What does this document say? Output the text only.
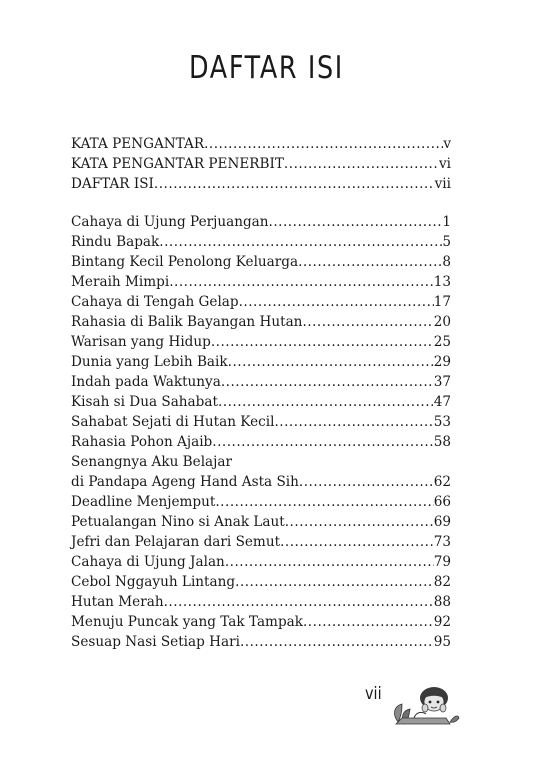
DAFTAR ISI
KATA PENGANTAR .....	v
KATA PENGANTAR PENERBIT .....	vi
DAFTAR ISI .....	vii
Cahaya di Ujung Perjuangan .....	1
Rindu Bapak .....	5
Bintang Kecil Penolong Keluarga .....	8
Meraih Mimpi .....	13
Cahaya di Tengah Gelap .....	17
Rahasia di Balik Bayangan Hutan .....	20
Warisan yang Hidup .....	25
Dunia yang Lebih Baik .....	29
Indah pada Waktunya .....	37
Kisah si Dua Sahabat .....	47
Sahabat Sejati di Hutan Kecil .....	53
Rahasia Pohon Ajaib .....	58
Senangnya Aku Belajar
di Pandapa Ageng Hand Asta Sih .....	62
Deadline Menjemput .....	66
Petualangan Nino si Anak Laut .....	69
Jefri dan Pelajaran dari Semut .....	73
Cahaya di Ujung Jalan .....	79
Cebol Nggayuh Lintang .....	82
Hutan Merah .....	88
Menuju Puncak yang Tak Tampak .....	92
Sesuap Nasi Setiap Hari .....	95
vii
